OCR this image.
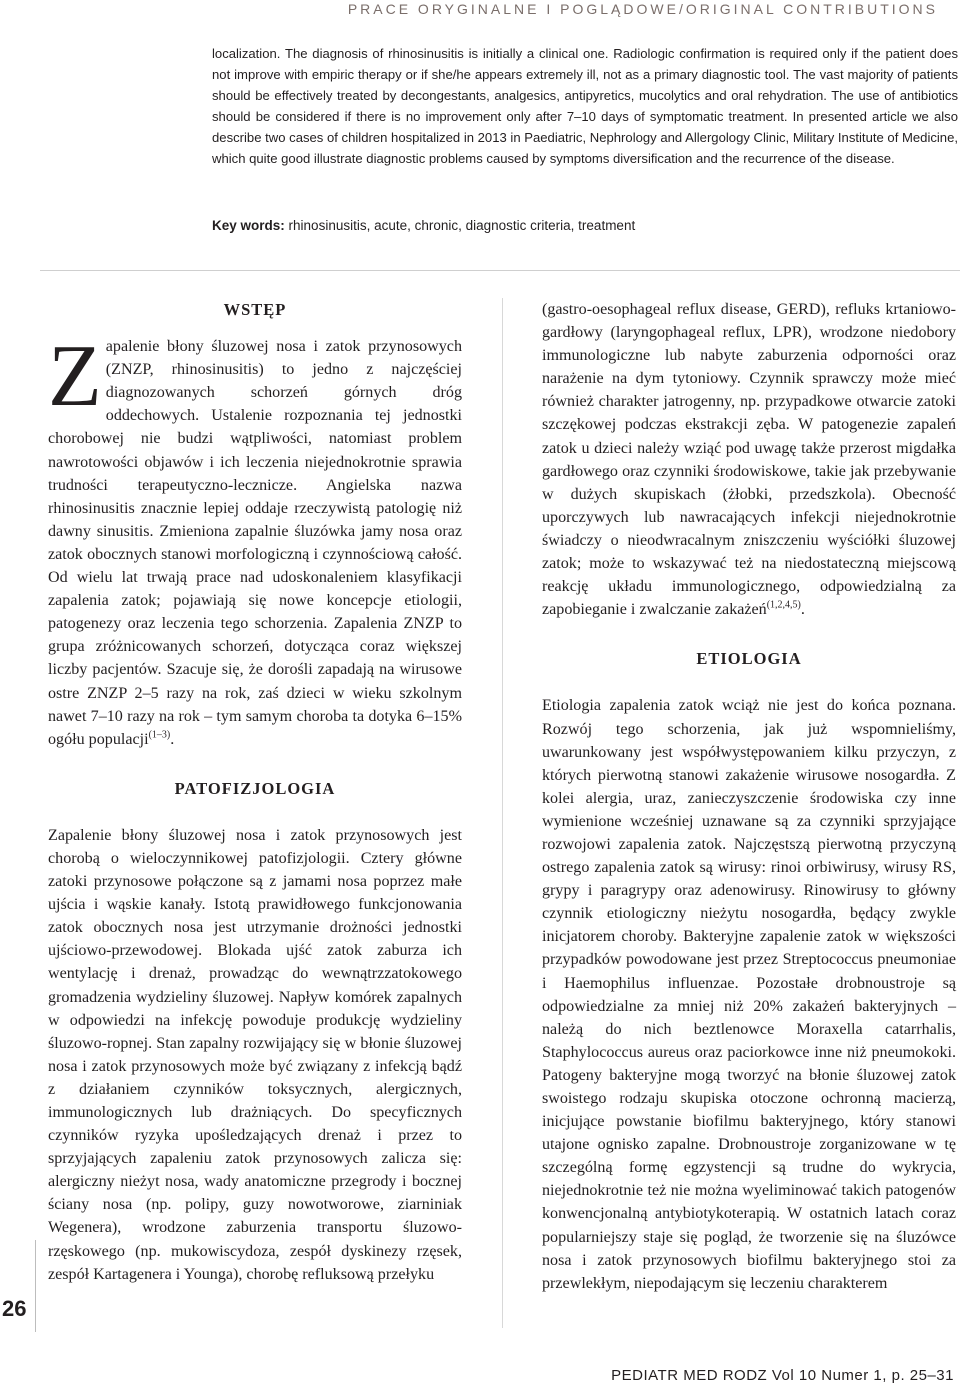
PRACE ORYGINALNE I POGLĄDOWE/ORIGINAL CONTRIBUTIONS

localization. The diagnosis of rhinosinusitis is initially a clinical one. Radiologic confirmation is required only if the patient does not improve with empiric therapy or if she/he appears extremely ill, not as a primary diagnostic tool. The vast majority of patients should be effectively treated by decongestants, analgesics, antipyretics, mucolytics and oral rehydration. The use of antibiotics should be considered if there is no improvement only after 7–10 days of symptomatic treatment. In presented article we also describe two cases of children hospitalized in 2013 in Paediatric, Nephrology and Allergology Clinic, Military Institute of Medicine, which quite good illustrate diagnostic problems caused by symptoms diversification and the recurrence of the disease.

Key words: rhinosinusitis, acute, chronic, diagnostic criteria, treatment
WSTĘP

Zapalenie błony śluzowej nosa i zatok przynosowych (ZNZP, rhinosinusitis) to jedno z najczęściej diagnozowanych schorzeń górnych dróg oddechowych. Ustalenie rozpoznania tej jednostki chorobowej nie budzi wątpliwości, natomiast problem nawrotowości objawów i ich leczenia niejednokrotnie sprawia trudności terapeutyczno-lecznicze. Angielska nazwa rhinosinusitis znacznie lepiej oddaje rzeczywistą patologię niż dawny sinusitis. Zmieniona zapalnie śluzówka jamy nosa oraz zatok obocznych stanowi morfologiczną i czynnościową całość. Od wielu lat trwają prace nad udoskonaleniem klasyfikacji zapalenia zatok; pojawiają się nowe koncepcje etiologii, patogenezy oraz leczenia tego schorzenia. Zapalenia ZNZP to grupa zróżnicowanych schorzeń, dotycząca coraz większej liczby pacjentów. Szacuje się, że dorośli zapadają na wirusowe ostre ZNZP 2–5 razy na rok, zaś dzieci w wieku szkolnym nawet 7–10 razy na rok – tym samym choroba ta dotyka 6–15% ogółu populacji$^{(1-3)}$.

PATOFIZJOLOGIA

Zapalenie błony śluzowej nosa i zatok przynosowych jest chorobą o wieloczynnikowej patofizjologii. Cztery główne zatoki przynosowe połączone są z jamami nosa poprzez małe ujścia i wąskie kanały. Istotą prawidłowego funkcjonowania zatok obocznych nosa jest utrzymanie drożności jednostki ujściowo-przewodowej. Blokada ujść zatok zaburza ich wentylację i drenaż, prowadząc do wewnątrzzatokowego gromadzenia wydzieliny śluzowej. Napływ komórek zapalnych w odpowiedzi na infekcję powoduje produkcję wydzieliny śluzowo-ropnej. Stan zapalny rozwijający się w błonie śluzowej nosa i zatok przynosowych może być związany z infekcją bądź z działaniem czynników toksycznych, alergicznych, immunologicznych lub drażniących. Do specyficznych czynników ryzyka upośledzających drenaż i przez to sprzyjających zapaleniu zatok przynosowych zalicza się: alergiczny nieżyt nosa, wady anatomiczne przegrody i bocznej ściany nosa (np. polipy, guzy nowotworowe, ziarniniak Wegenera), wrodzone zaburzenia transportu śluzowo-rzęskowego (np. mukowiscydoza, zespół dyskinezy rzęsek, zespół Kartagenera i Younga), chorobę refluksową przełyku

(gastro-oesophageal reflux disease, GERD), refluks krtaniowo-gardłowy (laryngophageal reflux, LPR), wrodzone niedobory immunologiczne lub nabyte zaburzenia odporności oraz narażenie na dym tytoniowy. Czynnik sprawczy może mieć również charakter jatrogenny, np. przypadkowe otwarcie zatoki szczękowej podczas ekstrakcji zęba. W patogenezie zapaleń zatok u dzieci należy wziąć pod uwagę także przerost migdałka gardłowego oraz czynniki środowiskowe, takie jak przebywanie w dużych skupiskach (żłobki, przedszkola). Obecność uporczywych lub nawracających infekcji niejednokrotnie świadczy o nieodwracalnym zniszczeniu wyściółki śluzowej zatok; może to wskazywać też na niedostateczną miejscową reakcję układu immunologicznego, odpowiedzialną za zapobieganie i zwalczanie zakażeń$^{(1,2,4,5)}$.

ETIOLOGIA

Etiologia zapalenia zatok wciąż nie jest do końca poznana. Rozwój tego schorzenia, jak już wspomnieliśmy, uwarunkowany jest współwystępowaniem kilku przyczyn, z których pierwotną stanowi zakażenie wirusowe nosogardła. Z kolei alergia, uraz, zanieczyszczenie środowiska czy inne wymienione wcześniej uznawane są za czynniki sprzyjające rozwojowi zapalenia zatok. Najczęstszą pierwotną przyczyną ostrego zapalenia zatok są wirusy: rinoi orbiwirusy, wirusy RS, grypy i paragrypy oraz adenowirusy. Rinowirusy to główny czynnik etiologiczny nieżytu nosogardła, będący zwykle inicjatorem choroby. Bakteryjne zapalenie zatok w większości przypadków powodowane jest przez Streptococcus pneumoniae i Haemophilus influenzae. Pozostałe drobnoustroje są odpowiedzialne za mniej niż 20% zakażeń bakteryjnych – należą do nich beztlenowce Moraxella catarrhalis, Staphylococcus aureus oraz paciorkowce inne niż pneumokoki. Patogeny bakteryjne mogą tworzyć na błonie śluzowej zatok swoistego rodzaju skupiska otoczone ochronną macierzą, inicjujące powstanie biofilmu bakteryjnego, który stanowi utajone ognisko zapalne. Drobnoustroje zorganizowane w tę szczególną formę egzystencji są trudne do wykrycia, niejednokrotnie też nie można wyeliminować takich patogenów konwencjonalną antybiotykoterapią. W ostatnich latach coraz popularniejszy staje się pogląd, że tworzenie się na śluzówce nosa i zatok przynosowych biofilmu bakteryjnego stoi za przewlekłym, niepodającym się leczeniu charakterem

26
PEDIATR MED RODZ Vol 10 Numer 1, p. 25–31
